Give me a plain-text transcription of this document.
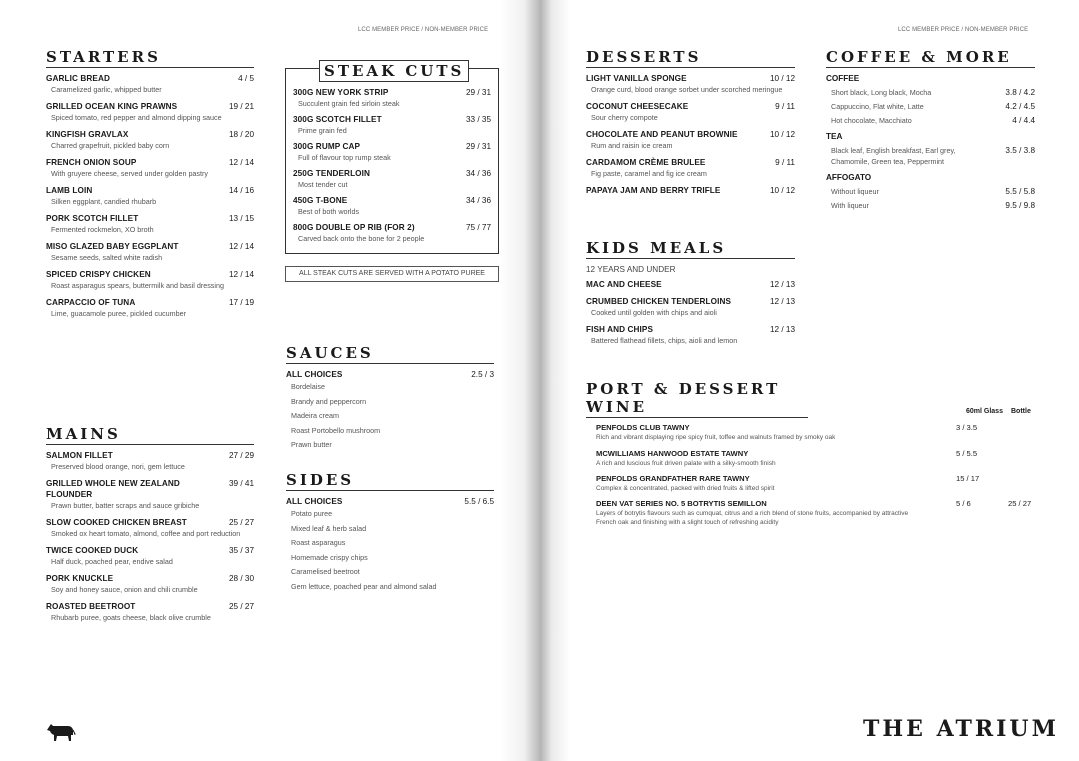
LCC MEMBER PRICE / NON-MEMBER PRICE
STARTERS
GARLIC BREAD	4 / 5
Caramelized garlic, whipped butter
GRILLED OCEAN KING PRAWNS	19 / 21
Spiced tomato, red pepper and almond dipping sauce
KINGFISH GRAVLAX	18 / 20
Charred grapefruit, pickled baby corn
FRENCH ONION SOUP	12 / 14
With gruyere cheese, served under golden pastry
LAMB LOIN	14 / 16
Silken eggplant, candied rhubarb
PORK SCOTCH FILLET	13 / 15
Fermented rockmelon, XO broth
MISO GLAZED BABY EGGPLANT	12 / 14
Sesame seeds, salted white radish
SPICED CRISPY CHICKEN	12 / 14
Roast asparagus spears, buttermilk and basil dressing
CARPACCIO OF TUNA	17 / 19
Lime, guacamole puree, pickled cucumber
MAINS
SALMON FILLET	27 / 29
Preserved blood orange, nori, gem lettuce
GRILLED WHOLE NEW ZEALAND FLOUNDER
39 / 41
Prawn butter, batter scraps and sauce gribiche
SLOW COOKED CHICKEN BREAST	25 / 27
Smoked ox heart tomato, almond, coffee and port reduction
TWICE COOKED DUCK	35 / 37
Half duck, poached pear, endive salad
PORK KNUCKLE	28 / 30
Soy and honey sauce, onion and chili crumble
ROASTED BEETROOT	25 / 27
Rhubarb puree, goats cheese, black olive crumble
STEAK CUTS
300G NEW YORK STRIP	29 / 31
Succulent grain fed sirloin steak
300G SCOTCH FILLET	33 / 35
Prime grain fed
300G RUMP CAP	29 / 31
Full of flavour top rump steak
250G TENDERLOIN	34 / 36
Most tender cut
450G T-BONE	34 / 36
Best of both worlds
800G DOUBLE OP RIB (FOR 2)	75 / 77
Carved back onto the bone for 2 people
ALL STEAK CUTS ARE SERVED WITH A POTATO PUREE
SAUCES
ALL CHOICES	2.5 / 3
Bordelaise
Brandy and peppercorn
Madeira cream
Roast Portobello mushroom
Prawn butter
SIDES
ALL CHOICES	5.5 / 6.5
Potato puree
Mixed leaf & herb salad
Roast asparagus
Homemade crispy chips
Caramelised beetroot
Gem lettuce, poached pear and almond salad
LCC MEMBER PRICE / NON-MEMBER PRICE
DESSERTS
LIGHT VANILLA SPONGE	10 / 12
Orange curd, blood orange sorbet under scorched meringue
COCONUT CHEESECAKE	9 / 11
Sour cherry compote
CHOCOLATE AND PEANUT BROWNIE	10 / 12
Rum and raisin ice cream
CARDAMOM CRÈME BRULEE	9 / 11
Fig paste, caramel and fig ice cream
PAPAYA JAM AND BERRY TRIFLE	10 / 12
KIDS MEALS
12 YEARS AND UNDER
MAC AND CHEESE	12 / 13
CRUMBED CHICKEN TENDERLOINS	12 / 13
Cooked until golden with chips and aioli
FISH AND CHIPS	12 / 13
Battered flathead fillets, chips, aioli and lemon
COFFEE & MORE
COFFEE
Short black, Long black, Mocha	3.8 / 4.2
Cappuccino, Flat white, Latte	4.2 / 4.5
Hot chocolate, Macchiato	4 / 4.4
TEA
Black leaf, English breakfast, Earl grey, Chamomile, Green tea, Peppermint
3.5 / 3.8
AFFOGATO
Without liqueur	5.5 / 5.8
With liqueur	9.5 / 9.8
PORT & DESSERT WINE	60ml Glass Bottle
PENFOLDS CLUB TAWNY
Rich and vibrant displaying ripe spicy fruit, toffee and walnuts framed by smoky oak
3 / 3.5
MCWILLIAMS HANWOOD ESTATE TAWNY
A rich and luscious fruit driven palate with a silky-smooth finish
5 / 5.5
PENFOLDS GRANDFATHER RARE TAWNY
Complex & concentrated, packed with dried fruits & lifted spirit
15 / 17
DEEN VAT SERIES NO. 5 BOTRYTIS SEMILLON
Layers of botrytis flavours such as cumquat, citrus and a rich blend of stone fruits, accompanied by attractive French oak and finishing with a slight touch of refreshing acidity
5 / 6	25 / 27
THE ATRIUM
